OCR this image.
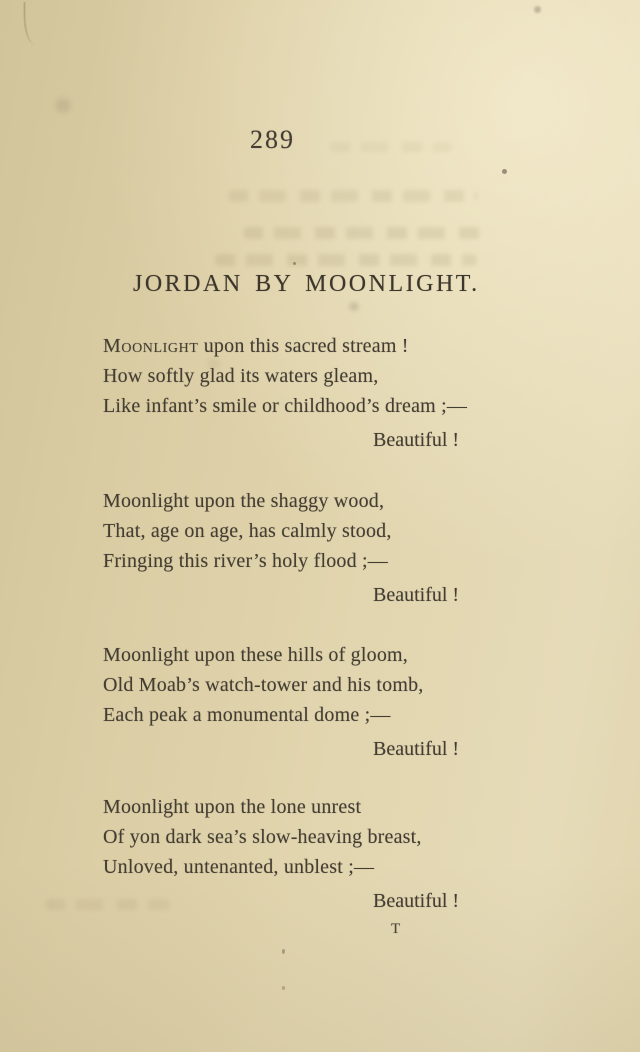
289
JORDAN BY MOONLIGHT.
Moonlight upon this sacred stream !
How softly glad its waters gleam,
Like infant’s smile or childhood’s dream ;—
Beautiful !
Moonlight upon the shaggy wood,
That, age on age, has calmly stood,
Fringing this river’s holy flood ;—
Beautiful !
Moonlight upon these hills of gloom,
Old Moab’s watch-tower and his tomb,
Each peak a monumental dome ;—
Beautiful !
Moonlight upon the lone unrest
Of yon dark sea’s slow-heaving breast,
Unloved, untenanted, unblest ;—
Beautiful !
T
